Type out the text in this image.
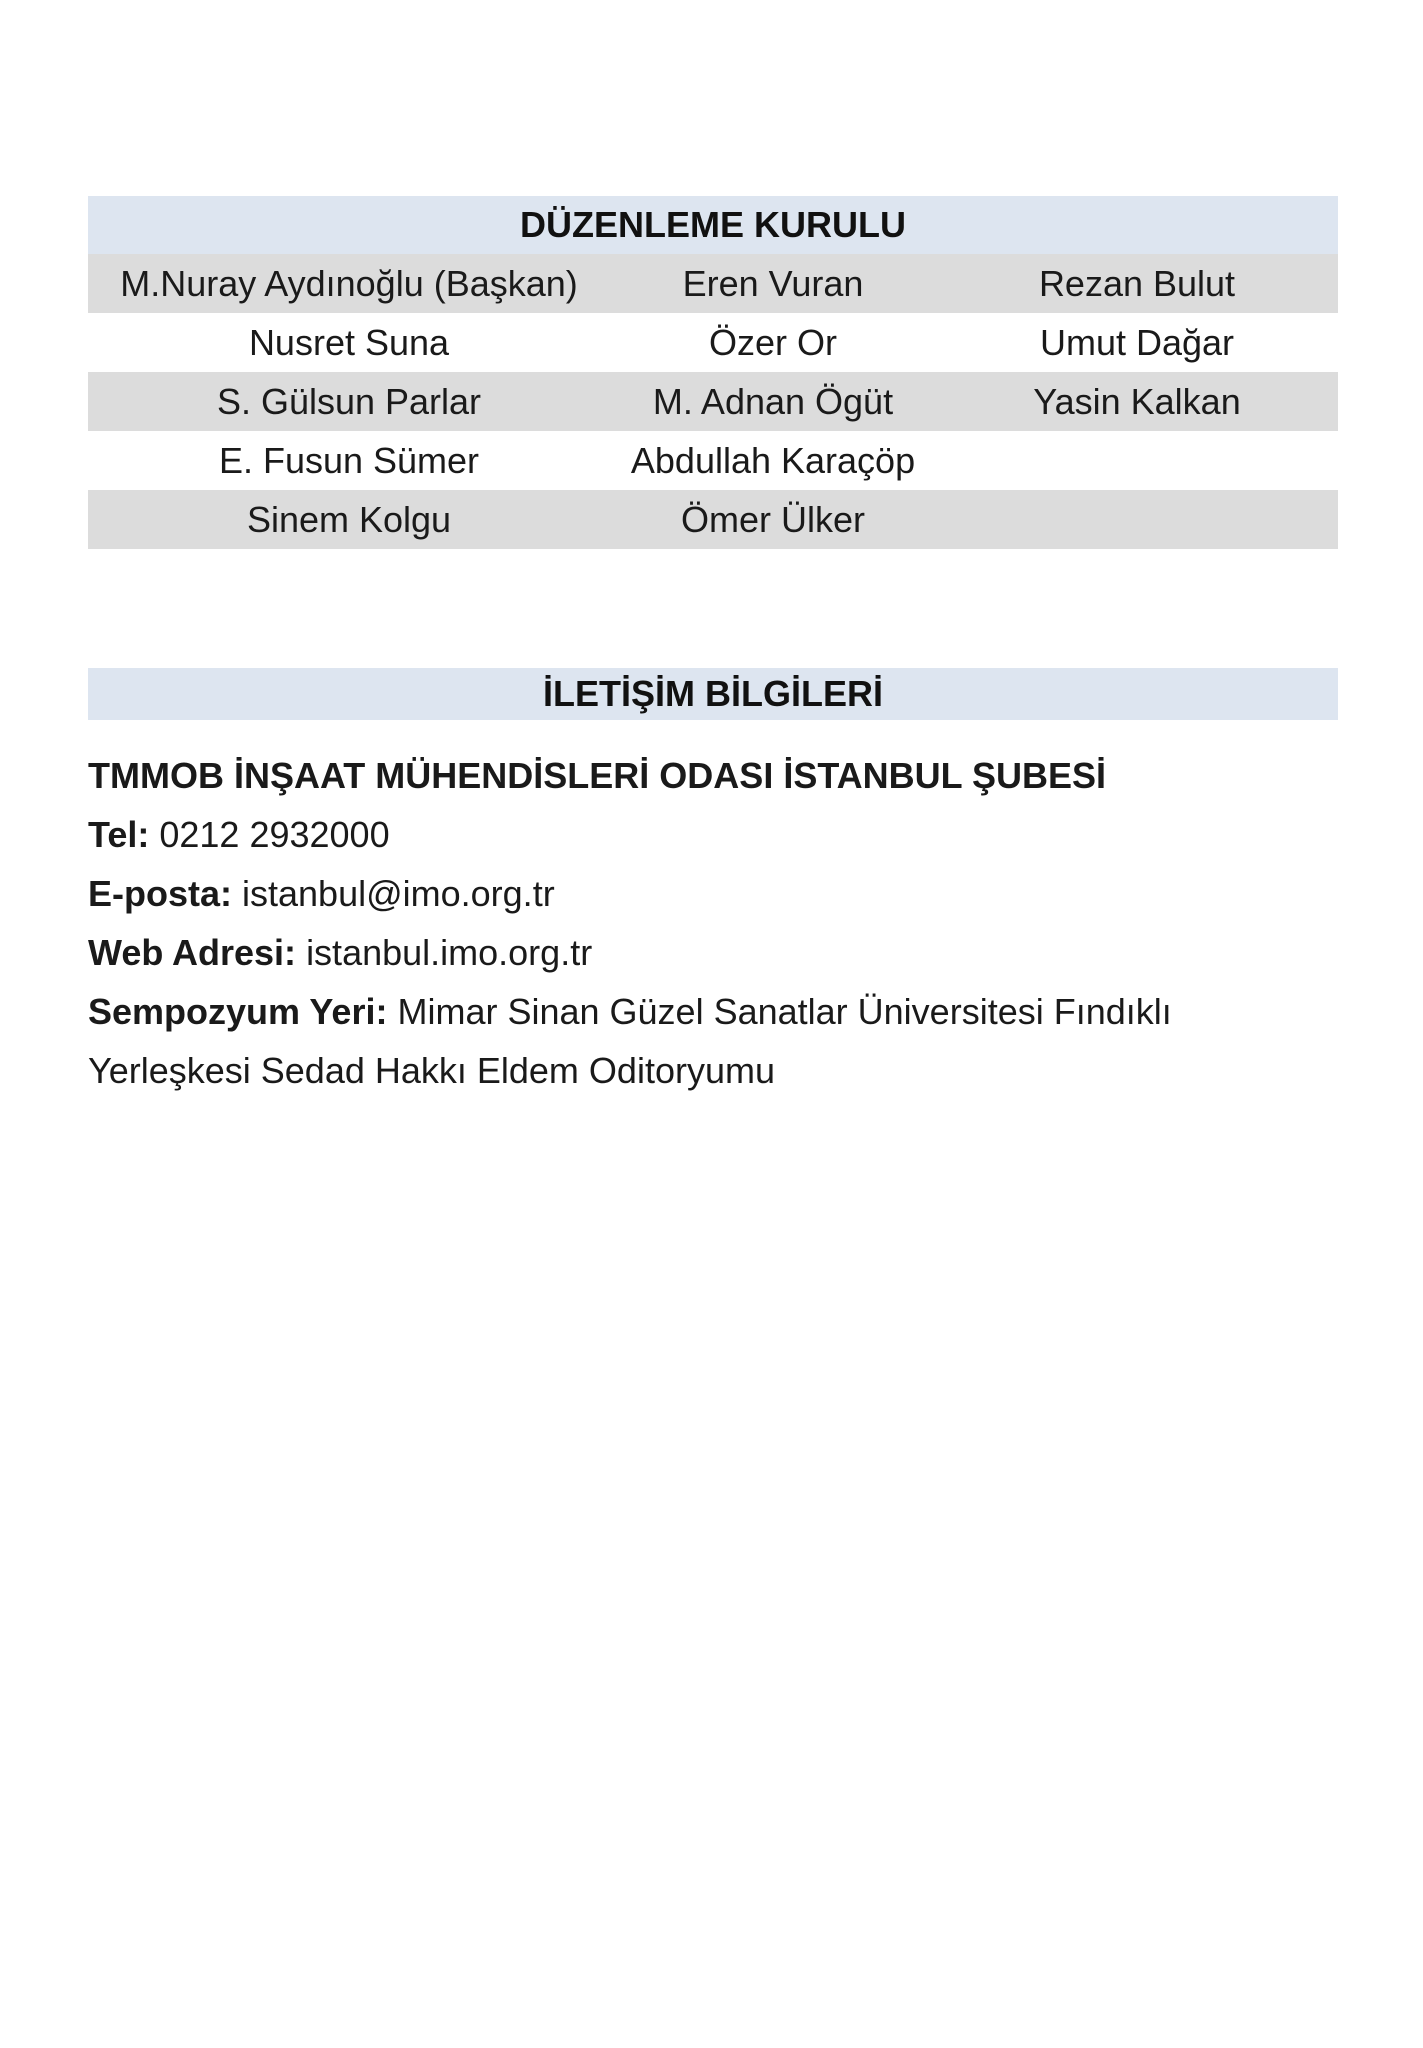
DÜZENLEME KURULU
M.Nuray Aydınoğlu (Başkan)	Eren Vuran	Rezan Bulut
Nusret Suna	Özer Or	Umut Dağar
S. Gülsun Parlar	M. Adnan Ögüt	Yasin Kalkan
E. Fusun Sümer	Abdullah Karaçöp
Sinem Kolgu	Ömer Ülker
İLETİŞİM BİLGİLERİ
TMMOB İNŞAAT MÜHENDİSLERİ ODASI İSTANBUL ŞUBESİ
Tel: 0212 2932000
E-posta: istanbul@imo.org.tr
Web Adresi: istanbul.imo.org.tr
Sempozyum Yeri: Mimar Sinan Güzel Sanatlar Üniversitesi Fındıklı
Yerleşkesi Sedad Hakkı Eldem Oditoryumu
